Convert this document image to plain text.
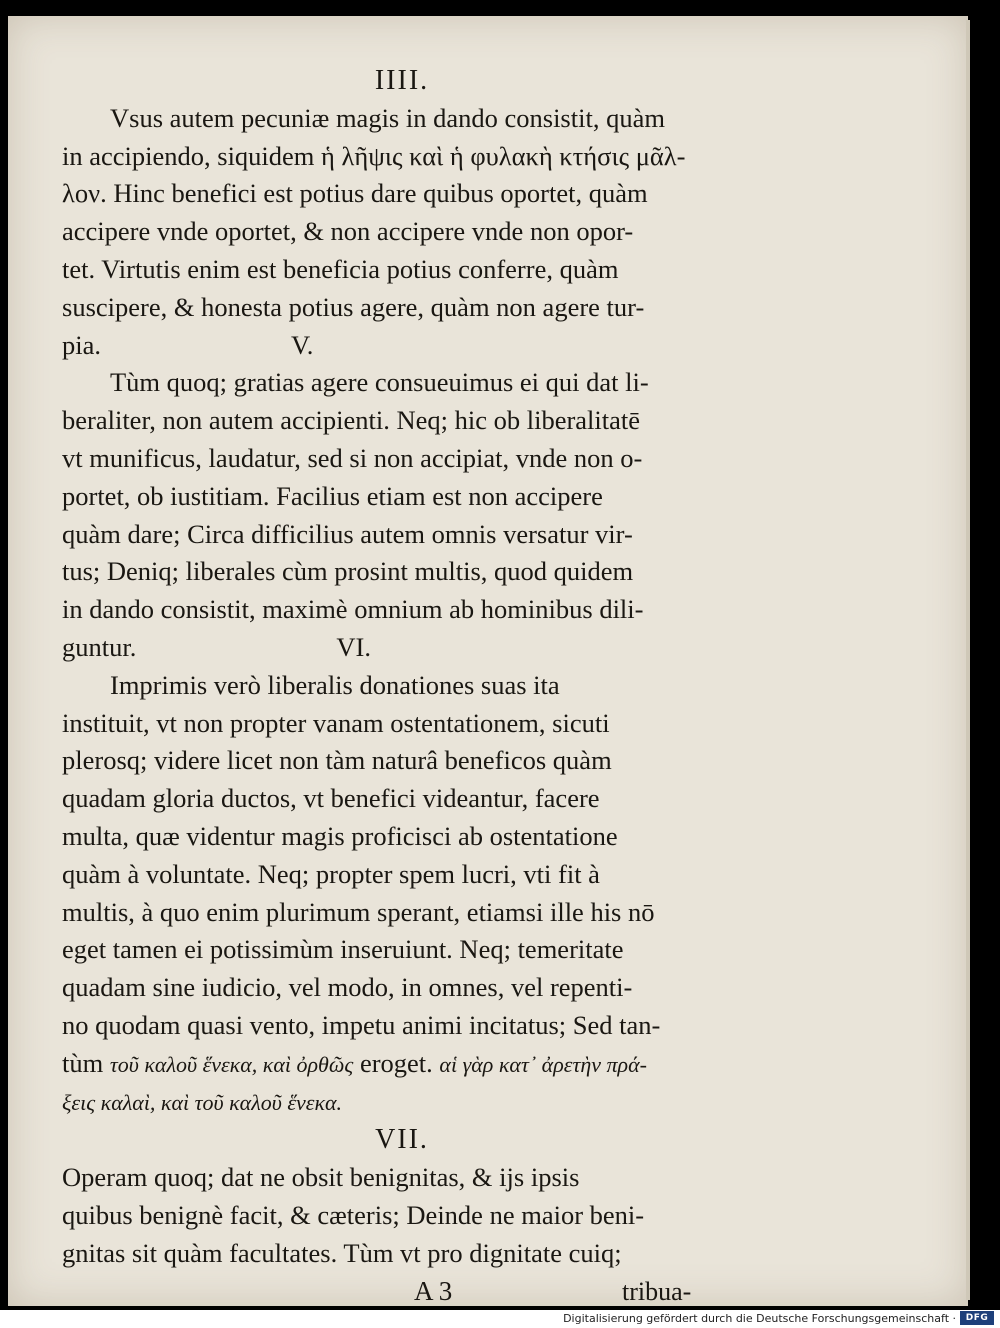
IIII.
Vsus autem pecuniæ magis in dando consistit, quàm
in accipiendo, siquidem ἡ λῆψις καὶ ἡ φυλακὴ κτήσις μᾶλ-
λον. Hinc benefici est potius dare quibus oportet, quàm
accipere vnde oportet, & non accipere vnde non opor-
tet. Virtutis enim est beneficia potius conferre, quàm
suscipere, & honesta potius agere, quàm non agere tur-
pia.	V.
Tùm quoq; gratias agere consueuimus ei qui dat li-
beraliter, non autem accipienti. Neq; hic ob liberalitatē
vt munificus, laudatur, sed si non accipiat, vnde non o-
portet, ob iustitiam. Facilius etiam est non accipere
quàm dare; Circa difficilius autem omnis versatur vir-
tus; Deniq; liberales cùm prosint multis, quod quidem
in dando consistit, maximè omnium ab hominibus dili-
guntur.	VI.
Imprimis verò liberalis donationes suas ita
instituit, vt non propter vanam ostentationem, sicuti
plerosq; videre licet non tàm naturâ beneficos quàm
quadam gloria ductos, vt benefici videantur, facere
multa, quæ videntur magis proficisci ab ostentatione
quàm à voluntate. Neq; propter spem lucri, vti fit à
multis, à quo enim plurimum sperant, etiamsi ille his nō
eget tamen ei potissimùm inseruiunt. Neq; temeritate
quadam sine iudicio, vel modo, in omnes, vel repenti-
no quodam quasi vento, impetu animi incitatus; Sed tan-
tùm τοῦ καλοῦ ἕνεκα, καὶ ὀρθῶς eroget. αἱ γὰρ κατ᾽ ἀρετὴν πρά-
ξεις καλαὶ, καὶ τοῦ καλοῦ ἕνεκα.
VII.
Operam quoq; dat ne obsit benignitas, & ijs ipsis
quibus benignè facit, & cæteris; Deinde ne maior beni-
gnitas sit quàm facultates. Tùm vt pro dignitate cuiq;
A 3	tribua-
Digitalisierung gefördert durch die Deutsche Forschungsgemeinschaft ·	DFG
